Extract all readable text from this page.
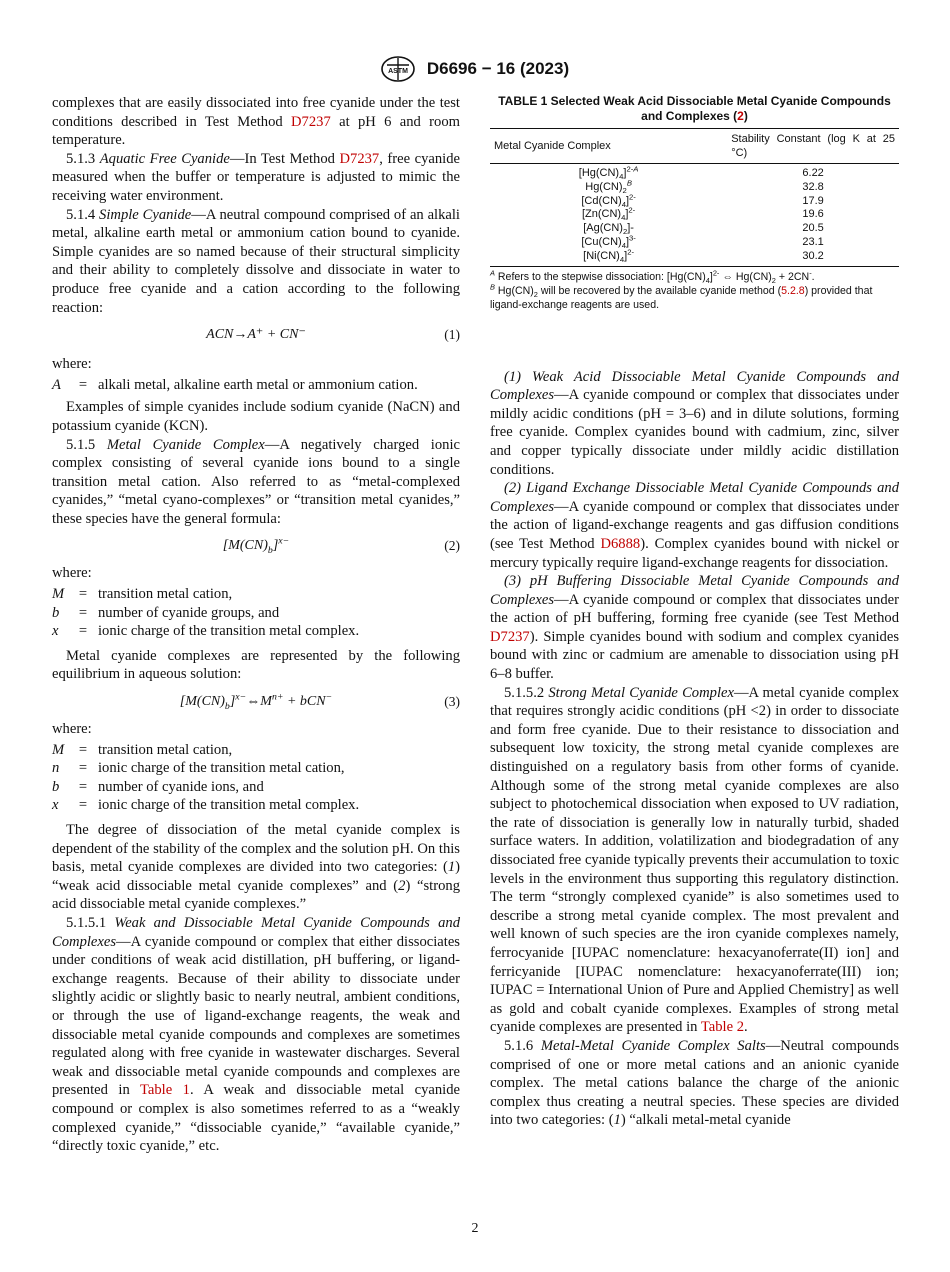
ASTM D6696 − 16 (2023)

complexes that are easily dissociated into free cyanide under the test conditions described in Test Method D7237 at pH 6 and room temperature.

5.1.3 Aquatic Free Cyanide—In Test Method D7237, free cyanide measured when the buffer or temperature is adjusted to mimic the receiving water environment.

5.1.4 Simple Cyanide—A neutral compound comprised of an alkali metal, alkaline earth metal or ammonium cation bound to cyanide. Simple cyanides are so named because of their structural simplicity and their ability to completely dissolve and dissociate in water to produce free cyanide and a cation according to the following reaction:

ACN→A⁺ + CN⁻	(1)

where:

A	= alkali metal, alkaline earth metal or ammonium cation.

Examples of simple cyanides include sodium cyanide (NaCN) and potassium cyanide (KCN).

5.1.5 Metal Cyanide Complex—A negatively charged ionic complex consisting of several cyanide ions bound to a single transition metal cation. Also referred to as “metal-complexed cyanides,” “metal cyano-complexes” or “transition metal cyanides,” these species have the general formula:

$[M(CN)_b]^{x-}$	(2)

where:

M	= transition metal cation,
b	= number of cyanide groups, and
x	= ionic charge of the transition metal complex.

Metal cyanide complexes are represented by the following equilibrium in aqueous solution:

$[M(CN)_b]^{x-}\Leftrightarrow M^{n+} + bCN^-$	(3)

where:

M	= transition metal cation,
n	= ionic charge of the transition metal cation,
b	= number of cyanide ions, and
x	= ionic charge of the transition metal complex.

The degree of dissociation of the metal cyanide complex is dependent of the stability of the complex and the solution pH. On this basis, metal cyanide complexes are divided into two categories: (1) “weak acid dissociable metal cyanide complexes” and (2) “strong acid dissociable metal cyanide complexes.”

5.1.5.1 Weak and Dissociable Metal Cyanide Compounds and Complexes—A cyanide compound or complex that either dissociates under conditions of weak acid distillation, pH buffering, or ligand-exchange reagents. Because of their ability to dissociate under slightly acidic or slightly basic to nearly neutral, ambient conditions, or through the use of ligand-exchange reagents, the weak and dissociable metal cyanide compounds and complexes are sometimes regulated along with free cyanide in wastewater discharges. Several weak and dissociable metal cyanide compounds and complexes are presented in Table 1. A weak and dissociable metal cyanide compound or complex is also sometimes referred to as a “weakly complexed cyanide,” “dissociable cyanide,” “available cyanide,” “directly toxic cyanide,” etc.

TABLE 1 Selected Weak Acid Dissociable Metal Cyanide Compounds and Complexes (2)
Metal Cyanide Complex	Stability Constant (log K at 25 °C)
$[Hg(CN)_4]^{2-A}$	6.22
$Hg(CN)_2^B$	32.8
$[Cd(CN)_4]^{2-}$	17.9
$[Zn(CN)_4]^{2-}$	19.6
$[Ag(CN)_2]-$	20.5
$[Cu(CN)_4]^{3-}$	23.1
$[Ni(CN)_4]^{2-}$	30.2
$^A$ Refers to the stepwise dissociation: $[Hg(CN)_4]^{2-}$ ⇔ $Hg(CN)_2 + 2CN^-$.
$^B$ $Hg(CN)_2$ will be recovered by the available cyanide method (5.2.8) provided that ligand-exchange reagents are used.

(1) Weak Acid Dissociable Metal Cyanide Compounds and Complexes—A cyanide compound or complex that dissociates under mildly acidic conditions (pH = 3–6) and in dilute solutions, forming free cyanide. Complex cyanides bound with cadmium, zinc, silver and copper typically dissociate under mildly acidic distillation conditions.

(2) Ligand Exchange Dissociable Metal Cyanide Compounds and Complexes—A cyanide compound or complex that dissociates under the action of ligand-exchange reagents and gas diffusion conditions (see Test Method D6888). Complex cyanides bound with nickel or mercury typically require ligand-exchange reagents for dissociation.

(3) pH Buffering Dissociable Metal Cyanide Compounds and Complexes—A cyanide compound or complex that dissociates under the action of pH buffering, forming free cyanide (see Test Method D7237). Simple cyanides bound with sodium and complex cyanides bound with zinc or cadmium are amenable to dissociation using pH 6–8 buffer.

5.1.5.2 Strong Metal Cyanide Complex—A metal cyanide complex that requires strongly acidic conditions (pH <2) in order to dissociate and form free cyanide. Due to their resistance to dissociation and subsequent low toxicity, the strong metal cyanide complexes are distinguished on a regulatory basis from other forms of cyanide. Although some of the strong metal cyanide complexes are also subject to photochemical dissociation when exposed to UV radiation, the rate of dissociation is generally low in naturally turbid, shaded surface waters. In addition, volatilization and biodegradation of any dissociated free cyanide typically prevents their accumulation to toxic levels in the environment thus supporting this regulatory distinction. The term “strongly complexed cyanide” is also sometimes used to describe a strong metal cyanide complex. The most prevalent and well known of such species are the iron cyanide complexes namely, ferrocyanide [IUPAC nomenclature: hexacyanoferrate(II) ion] and ferricyanide [IUPAC nomenclature: hexacyanoferrate(III) ion; IUPAC = International Union of Pure and Applied Chemistry] as well as gold and cobalt cyanide complexes. Examples of strong metal cyanide complexes are presented in Table 2.

5.1.6 Metal-Metal Cyanide Complex Salts—Neutral compounds comprised of one or more metal cations and an anionic cyanide complex. The metal cations balance the charge of the anionic complex thus creating a neutral species. These species are divided into two categories: (1) “alkali metal-metal cyanide

2
